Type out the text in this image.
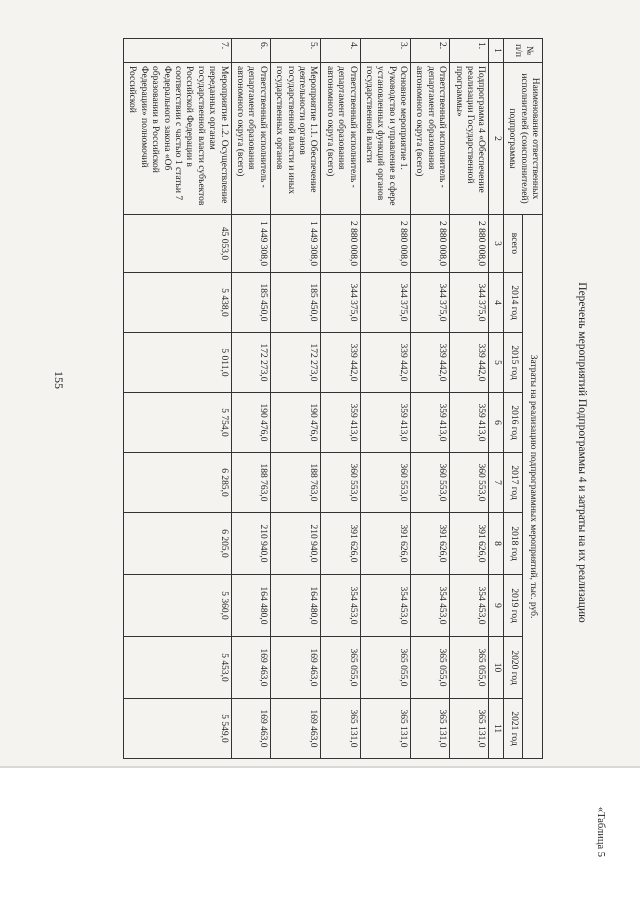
155
«Таблица 5
Перечень мероприятий Подпрограммы 4 и затраты на их реализацию
№ п/п	Наименование ответственных исполнителей (соисполнителей) подпрограммы	Затраты на реализацию подпрограммных мероприятий, тыс. руб.								
		всего	2014 год	2015 год	2016 год	2017 год	2018 год	2019 год	2020 год	2021 год
1	2	3	4	5	6	7	8	9	10	11
1.	Подпрограмма 4 «Обеспечение реализации Государственной программы»	2 880 008,0	344 375,0	339 442,0	359 413,0	360 553,0	391 626,0	354 453,0	365 055,0	365 131,0
2.	Ответственный исполнитель - департамент образования автономного округа (всего)	2 880 008,0	344 375,0	339 442,0	359 413,0	360 553,0	391 626,0	354 453,0	365 055,0	365 131,0
3.	Основное мероприятие 1. Руководство и управление в сфере установленных функций органов государственной власти	2 880 008,0	344 375,0	339 442,0	359 413,0	360 553,0	391 626,0	354 453,0	365 055,0	365 131,0
4.	Ответственный исполнитель - департамент образования автономного округа (всего)	2 880 008,0	344 375,0	339 442,0	359 413,0	360 553,0	391 626,0	354 453,0	365 055,0	365 131,0
5.	Мероприятие 1.1. Обеспечение деятельности органов государственной власти и иных государственных органов	1 449 308,0	185 450,0	172 273,0	190 476,0	188 763,0	210 940,0	164 480,0	169 463,0	169 463,0
6.	Ответственный исполнитель - департамент образования автономного округа (всего)	1 449 308,0	185 450,0	172 273,0	190 476,0	188 763,0	210 940,0	164 480,0	169 463,0	169 463,0
7.	Мероприятие 1.2. Осуществление переданных органам государственной власти субъектов Российской Федерации в соответствии с частью 1 статьи 7 Федерального закона «Об образовании в Российской Федерации» полномочий Российской	45 053,0	5 438,0	5 011,0	5 754,0	6 285,0	6 205,0	5 360,0	5 453,0	5 549,0
